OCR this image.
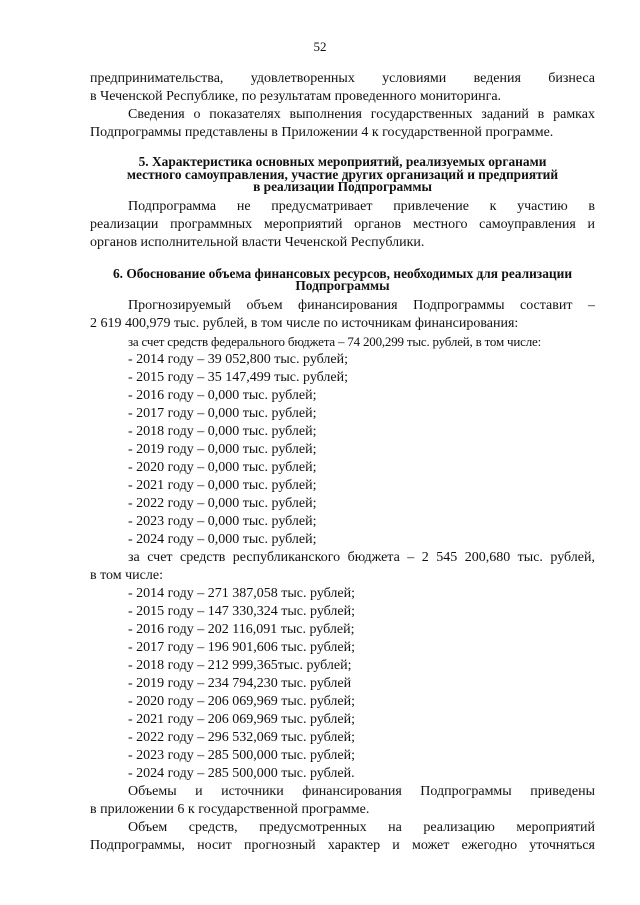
52
предпринимательства, удовлетворенных условиями ведения бизнеса
в Чеченской Республике, по результатам проведенного мониторинга.
Сведения о показателях выполнения государственных заданий в рамках
Подпрограммы представлены в Приложении 4 к государственной программе.
5. Характеристика основных мероприятий, реализуемых органами
местного самоуправления, участие других организаций и предприятий
в реализации Подпрограммы
Подпрограмма не предусматривает привлечение к участию в
реализации программных мероприятий органов местного самоуправления и
органов исполнительной власти Чеченской Республики.
6. Обоснование объема финансовых ресурсов, необходимых для реализации
Подпрограммы
Прогнозируемый объем финансирования Подпрограммы составит –
2 619 400,979 тыс. рублей, в том числе по источникам финансирования:
за счет средств федерального бюджета – 74 200,299 тыс. рублей, в том числе:
- 2014 году – 39 052,800 тыс. рублей;
- 2015 году – 35 147,499 тыс. рублей;
- 2016 году – 0,000 тыс. рублей;
- 2017 году – 0,000 тыс. рублей;
- 2018 году – 0,000 тыс. рублей;
- 2019 году – 0,000 тыс. рублей;
- 2020 году – 0,000 тыс. рублей;
- 2021 году – 0,000 тыс. рублей;
- 2022 году – 0,000 тыс. рублей;
- 2023 году – 0,000 тыс. рублей;
- 2024 году – 0,000 тыс. рублей;
за счет средств республиканского бюджета – 2 545 200,680 тыс. рублей,
в том числе:
- 2014 году – 271 387,058 тыс. рублей;
- 2015 году – 147 330,324 тыс. рублей;
- 2016 году – 202 116,091 тыс. рублей;
- 2017 году – 196 901,606 тыс. рублей;
- 2018 году – 212 999,365тыс. рублей;
- 2019 году – 234 794,230 тыс. рублей
- 2020 году – 206 069,969 тыс. рублей;
- 2021 году – 206 069,969 тыс. рублей;
- 2022 году – 296 532,069 тыс. рублей;
- 2023 году – 285 500,000 тыс. рублей;
- 2024 году – 285 500,000 тыс. рублей.
Объемы и источники финансирования Подпрограммы приведены
в приложении 6 к государственной программе.
Объем средств, предусмотренных на реализацию мероприятий
Подпрограммы, носит прогнозный характер и может ежегодно уточняться
